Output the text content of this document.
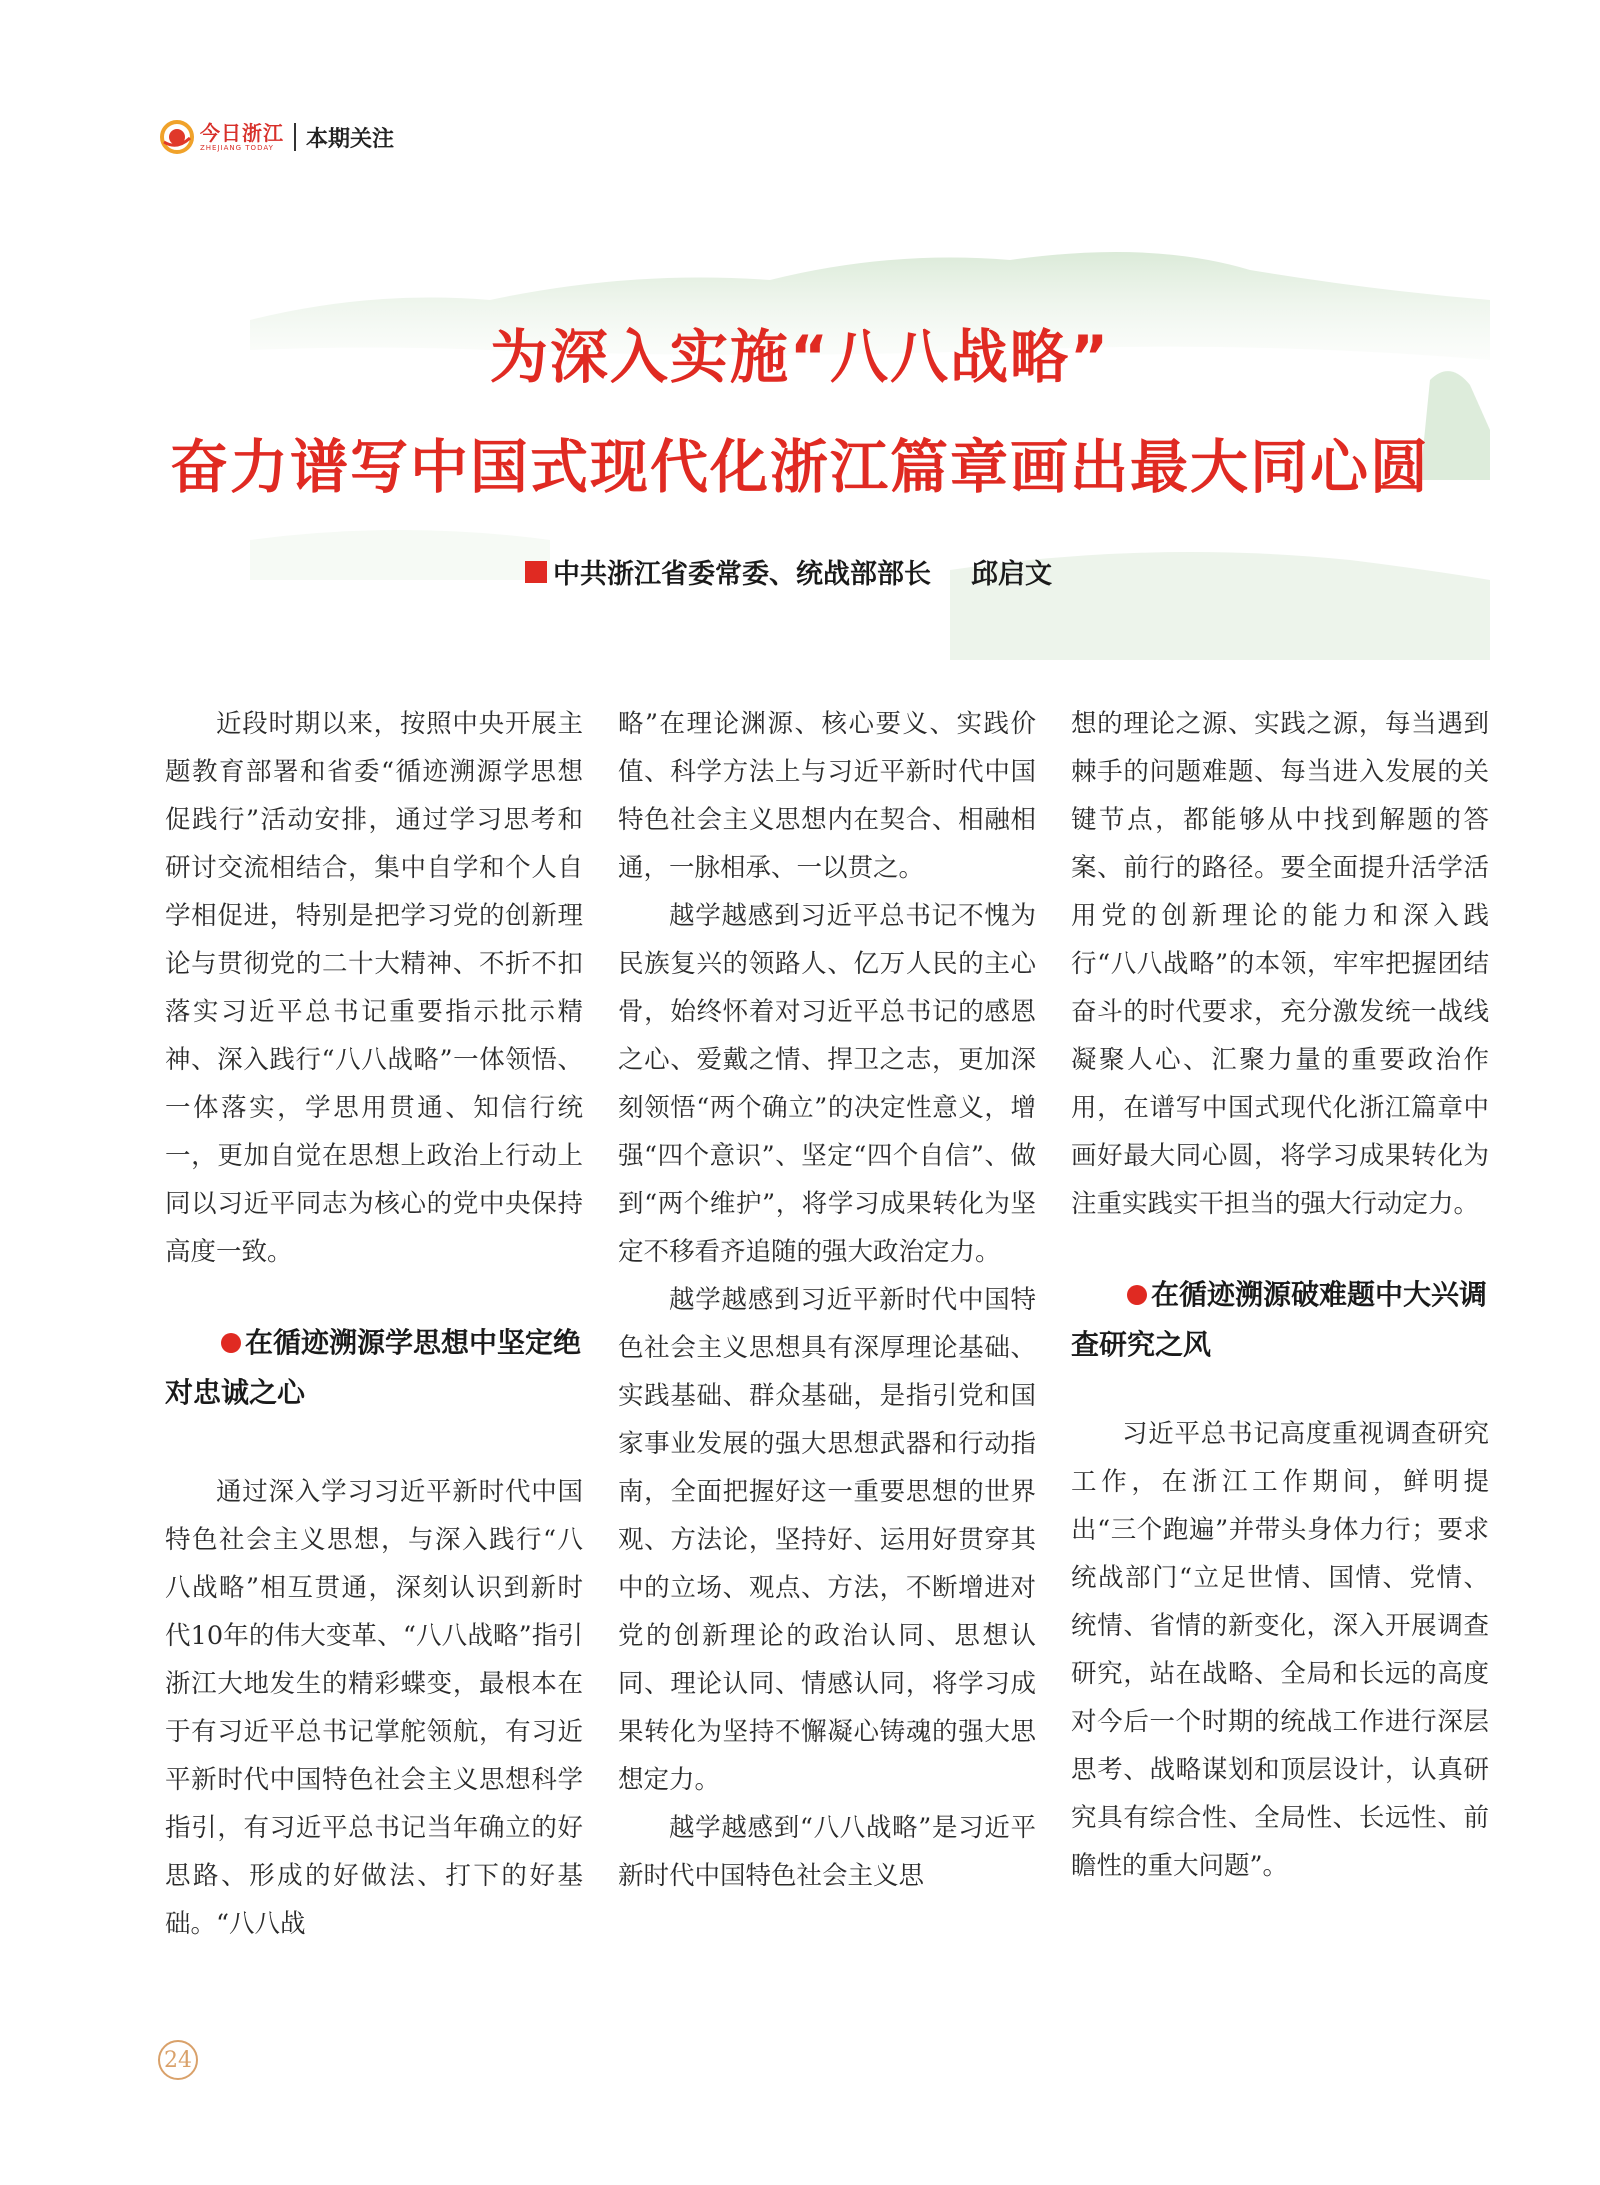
今日浙江
ZHEJIANG TODAY	本期关注
为深入实施“八八战略”
奋力谱写中国式现代化浙江篇章画出最大同心圆
中共浙江省委常委、统战部部长 邱启文

近段时期以来，按照中央开展主题教育部署和省委“循迹溯源学思想促践行”活动安排，通过学习思考和研讨交流相结合，集中自学和个人自学相促进，特别是把学习党的创新理论与贯彻党的二十大精神、不折不扣落实习近平总书记重要指示批示精神、深入践行“八八战略”一体领悟、一体落实，学思用贯通、知信行统一，更加自觉在思想上政治上行动上同以习近平同志为核心的党中央保持高度一致。

在循迹溯源学思想中坚定绝对忠诚之心

通过深入学习习近平新时代中国特色社会主义思想，与深入践行“八八战略”相互贯通，深刻认识到新时代10年的伟大变革、“八八战略”指引浙江大地发生的精彩蝶变，最根本在于有习近平总书记掌舵领航，有习近平新时代中国特色社会主义思想科学指引，有习近平总书记当年确立的好思路、形成的好做法、打下的好基础。“八八战

略”在理论渊源、核心要义、实践价值、科学方法上与习近平新时代中国特色社会主义思想内在契合、相融相通，一脉相承、一以贯之。

越学越感到习近平总书记不愧为民族复兴的领路人、亿万人民的主心骨，始终怀着对习近平总书记的感恩之心、爱戴之情、捍卫之志，更加深刻领悟“两个确立”的决定性意义，增强“四个意识”、坚定“四个自信”、做到“两个维护”，将学习成果转化为坚定不移看齐追随的强大政治定力。

越学越感到习近平新时代中国特色社会主义思想具有深厚理论基础、实践基础、群众基础，是指引党和国家事业发展的强大思想武器和行动指南，全面把握好这一重要思想的世界观、方法论，坚持好、运用好贯穿其中的立场、观点、方法，不断增进对党的创新理论的政治认同、思想认同、理论认同、情感认同，将学习成果转化为坚持不懈凝心铸魂的强大思想定力。

越学越感到“八八战略”是习近平新时代中国特色社会主义思

想的理论之源、实践之源，每当遇到棘手的问题难题、每当进入发展的关键节点，都能够从中找到解题的答案、前行的路径。要全面提升活学活用党的创新理论的能力和深入践行“八八战略”的本领，牢牢把握团结奋斗的时代要求，充分激发统一战线凝聚人心、汇聚力量的重要政治作用，在谱写中国式现代化浙江篇章中画好最大同心圆，将学习成果转化为注重实践实干担当的强大行动定力。

在循迹溯源破难题中大兴调查研究之风

习近平总书记高度重视调查研究工作，在浙江工作期间，鲜明提出“三个跑遍”并带头身体力行；要求统战部门“立足世情、国情、党情、统情、省情的新变化，深入开展调查研究，站在战略、全局和长远的高度对今后一个时期的统战工作进行深层思考、战略谋划和顶层设计，认真研究具有综合性、全局性、长远性、前瞻性的重大问题”。

24
